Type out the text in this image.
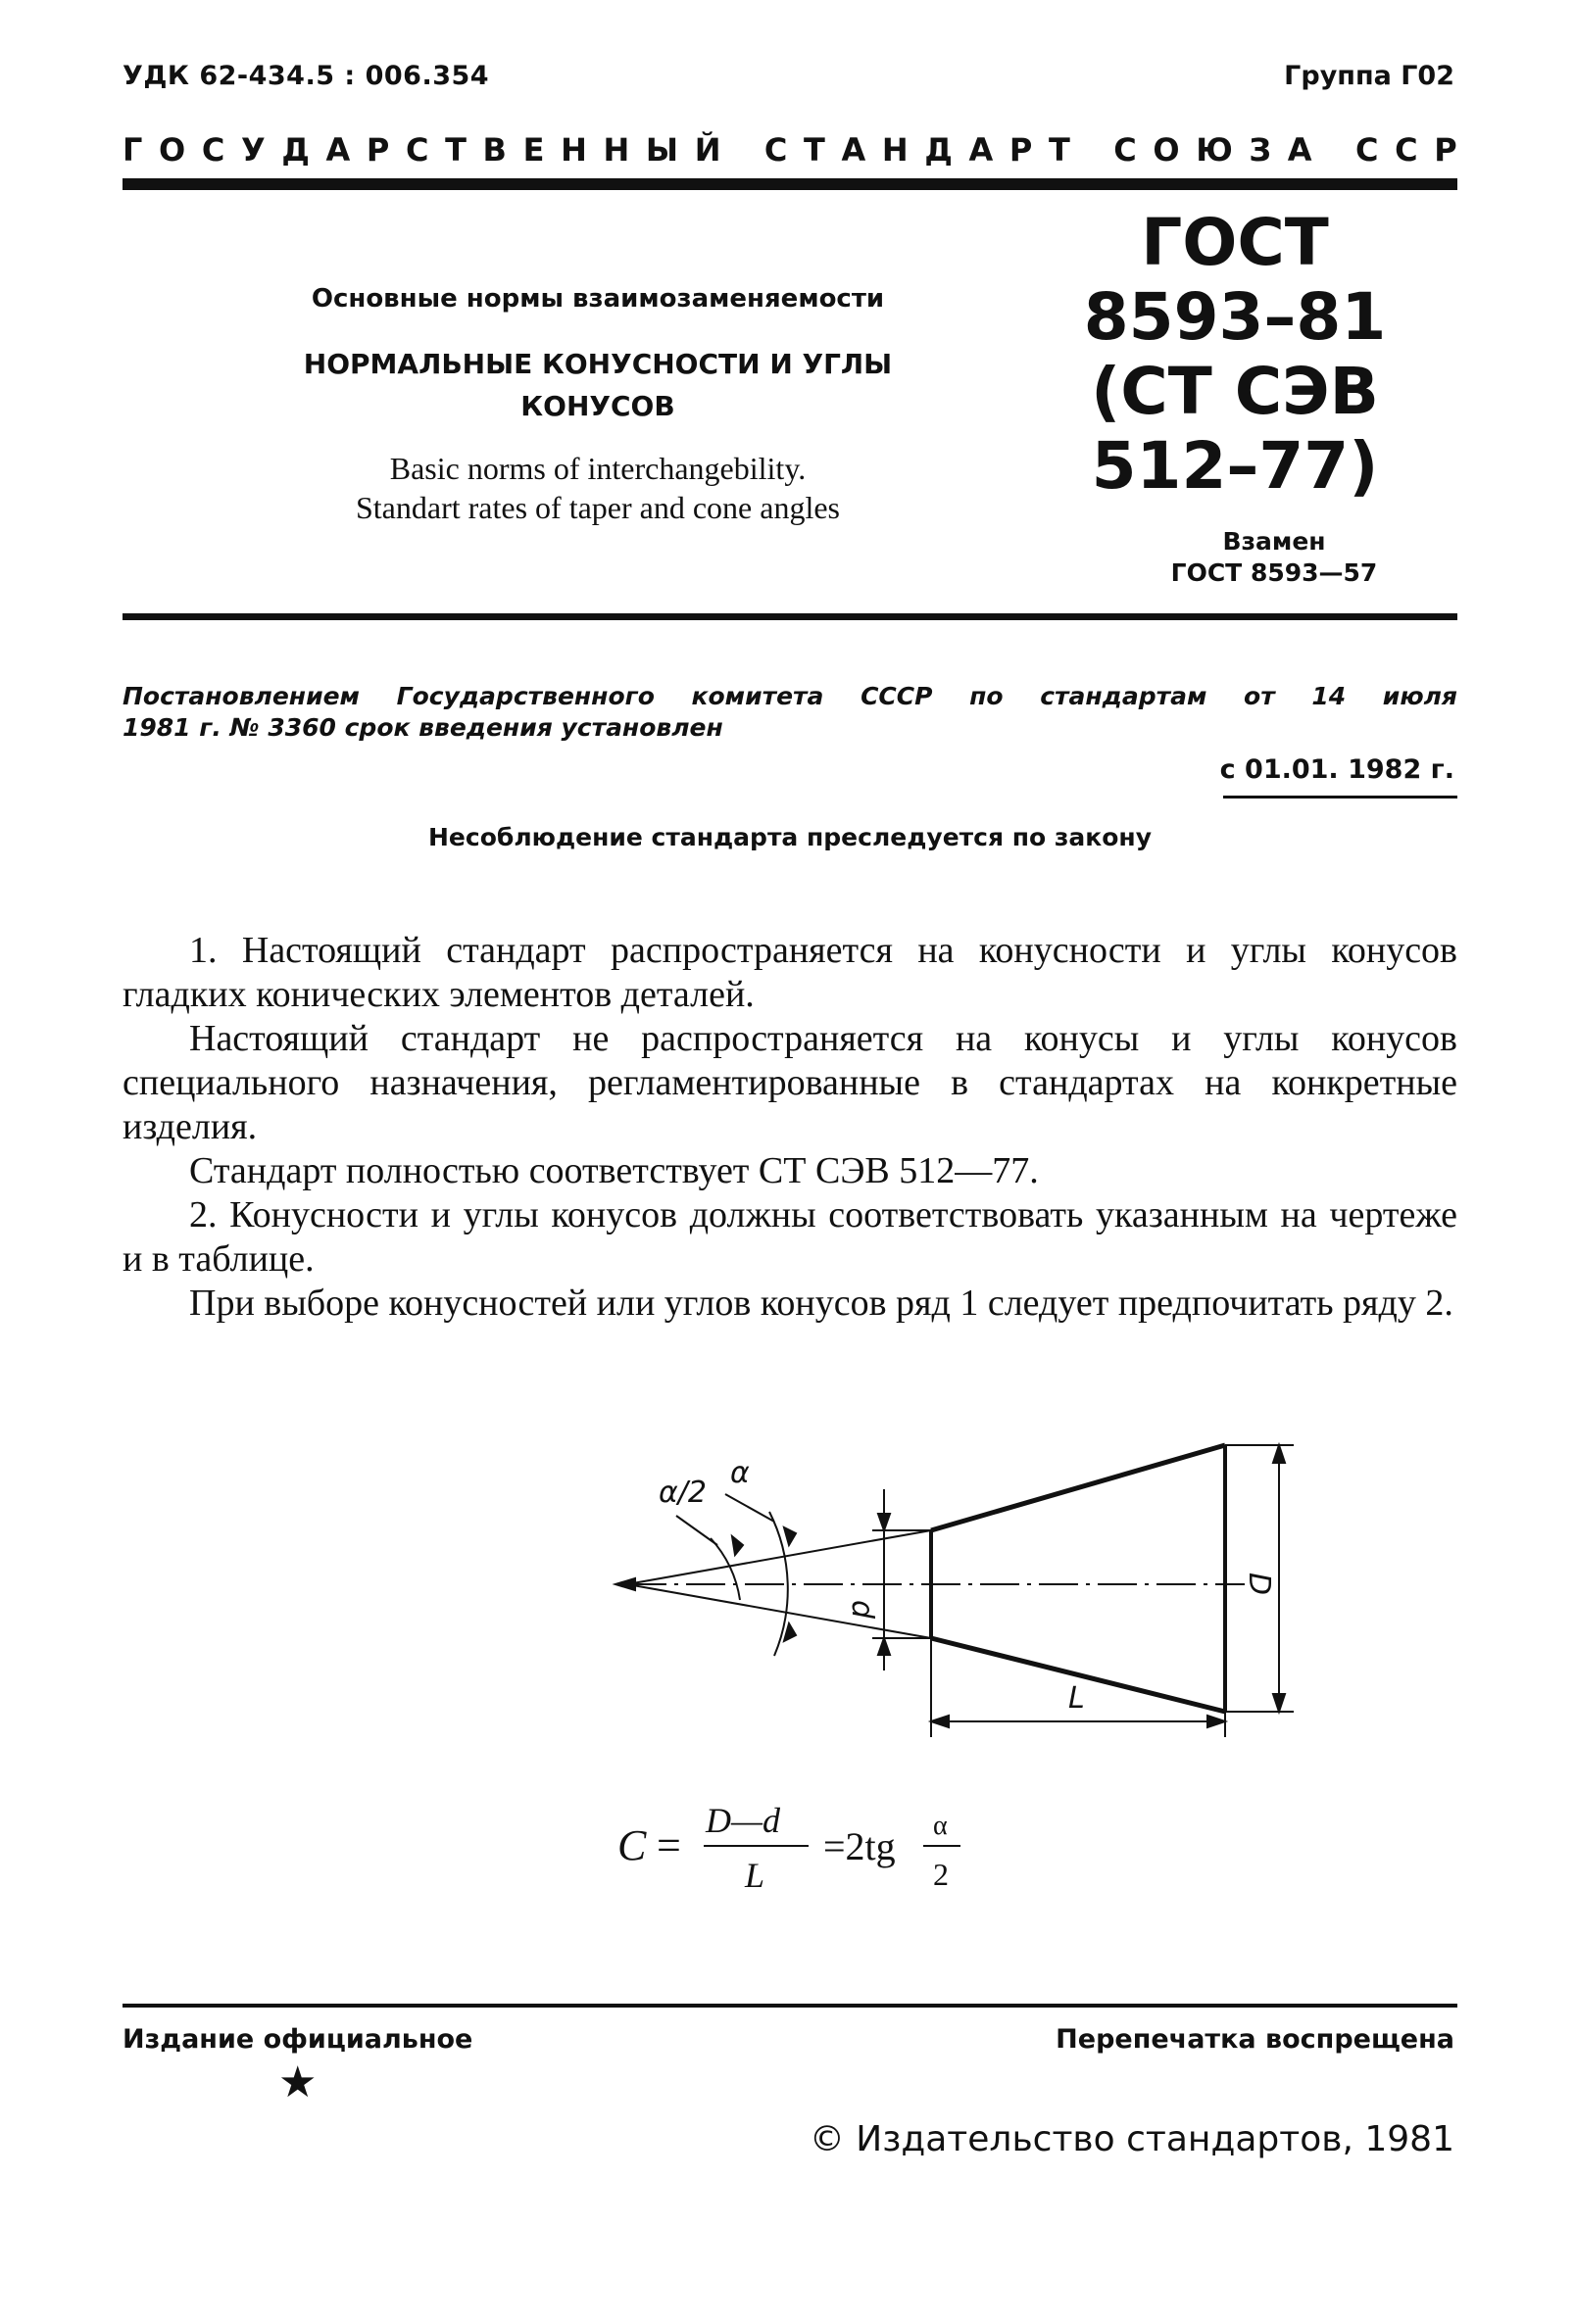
УДК 62-434.5 : 006.354	Группа Г02
Г О С У Д А Р С Т В Е Н Н Ы Й
С Т А Н Д А Р Т
С О Ю З А
С С Р
Основные нормы взаимозаменяемости
НОРМАЛЬНЫЕ КОНУСНОСТИ И УГЛЫ
КОНУСОВ
Basic norms of interchangebility.
Standart rates of taper and cone angles
ГОСТ
8593–81
(СТ СЭВ
512–77)
Взамен
ГОСТ 8593—57
Постановлением Государственного комитета СССР по стандартам от 14 июля
1981 г. № 3360 срок введения установлен
с 01.01. 1982 г.
Несоблюдение стандарта преследуется по закону

1. Настоящий стандарт распространяется на конусности и углы конусов гладких конических элементов деталей.

Настоящий стандарт не распространяется на конусы и углы конусов специального назначения, регламентированные в стандартах на конкретные изделия.

Стандарт полностью соответствует СТ СЭВ 512—77.

2. Конусности и углы конусов должны соответствовать указанным на чертеже и в таблице.

При выборе конусностей или углов конусов ряд 1 следует предпочитать ряду 2.

α/2
α
d
D
L
C =
D—d
L
=2tg α
2
Издание официальное	Перепечатка воспрещена
★
© Издательство стандартов, 1981
